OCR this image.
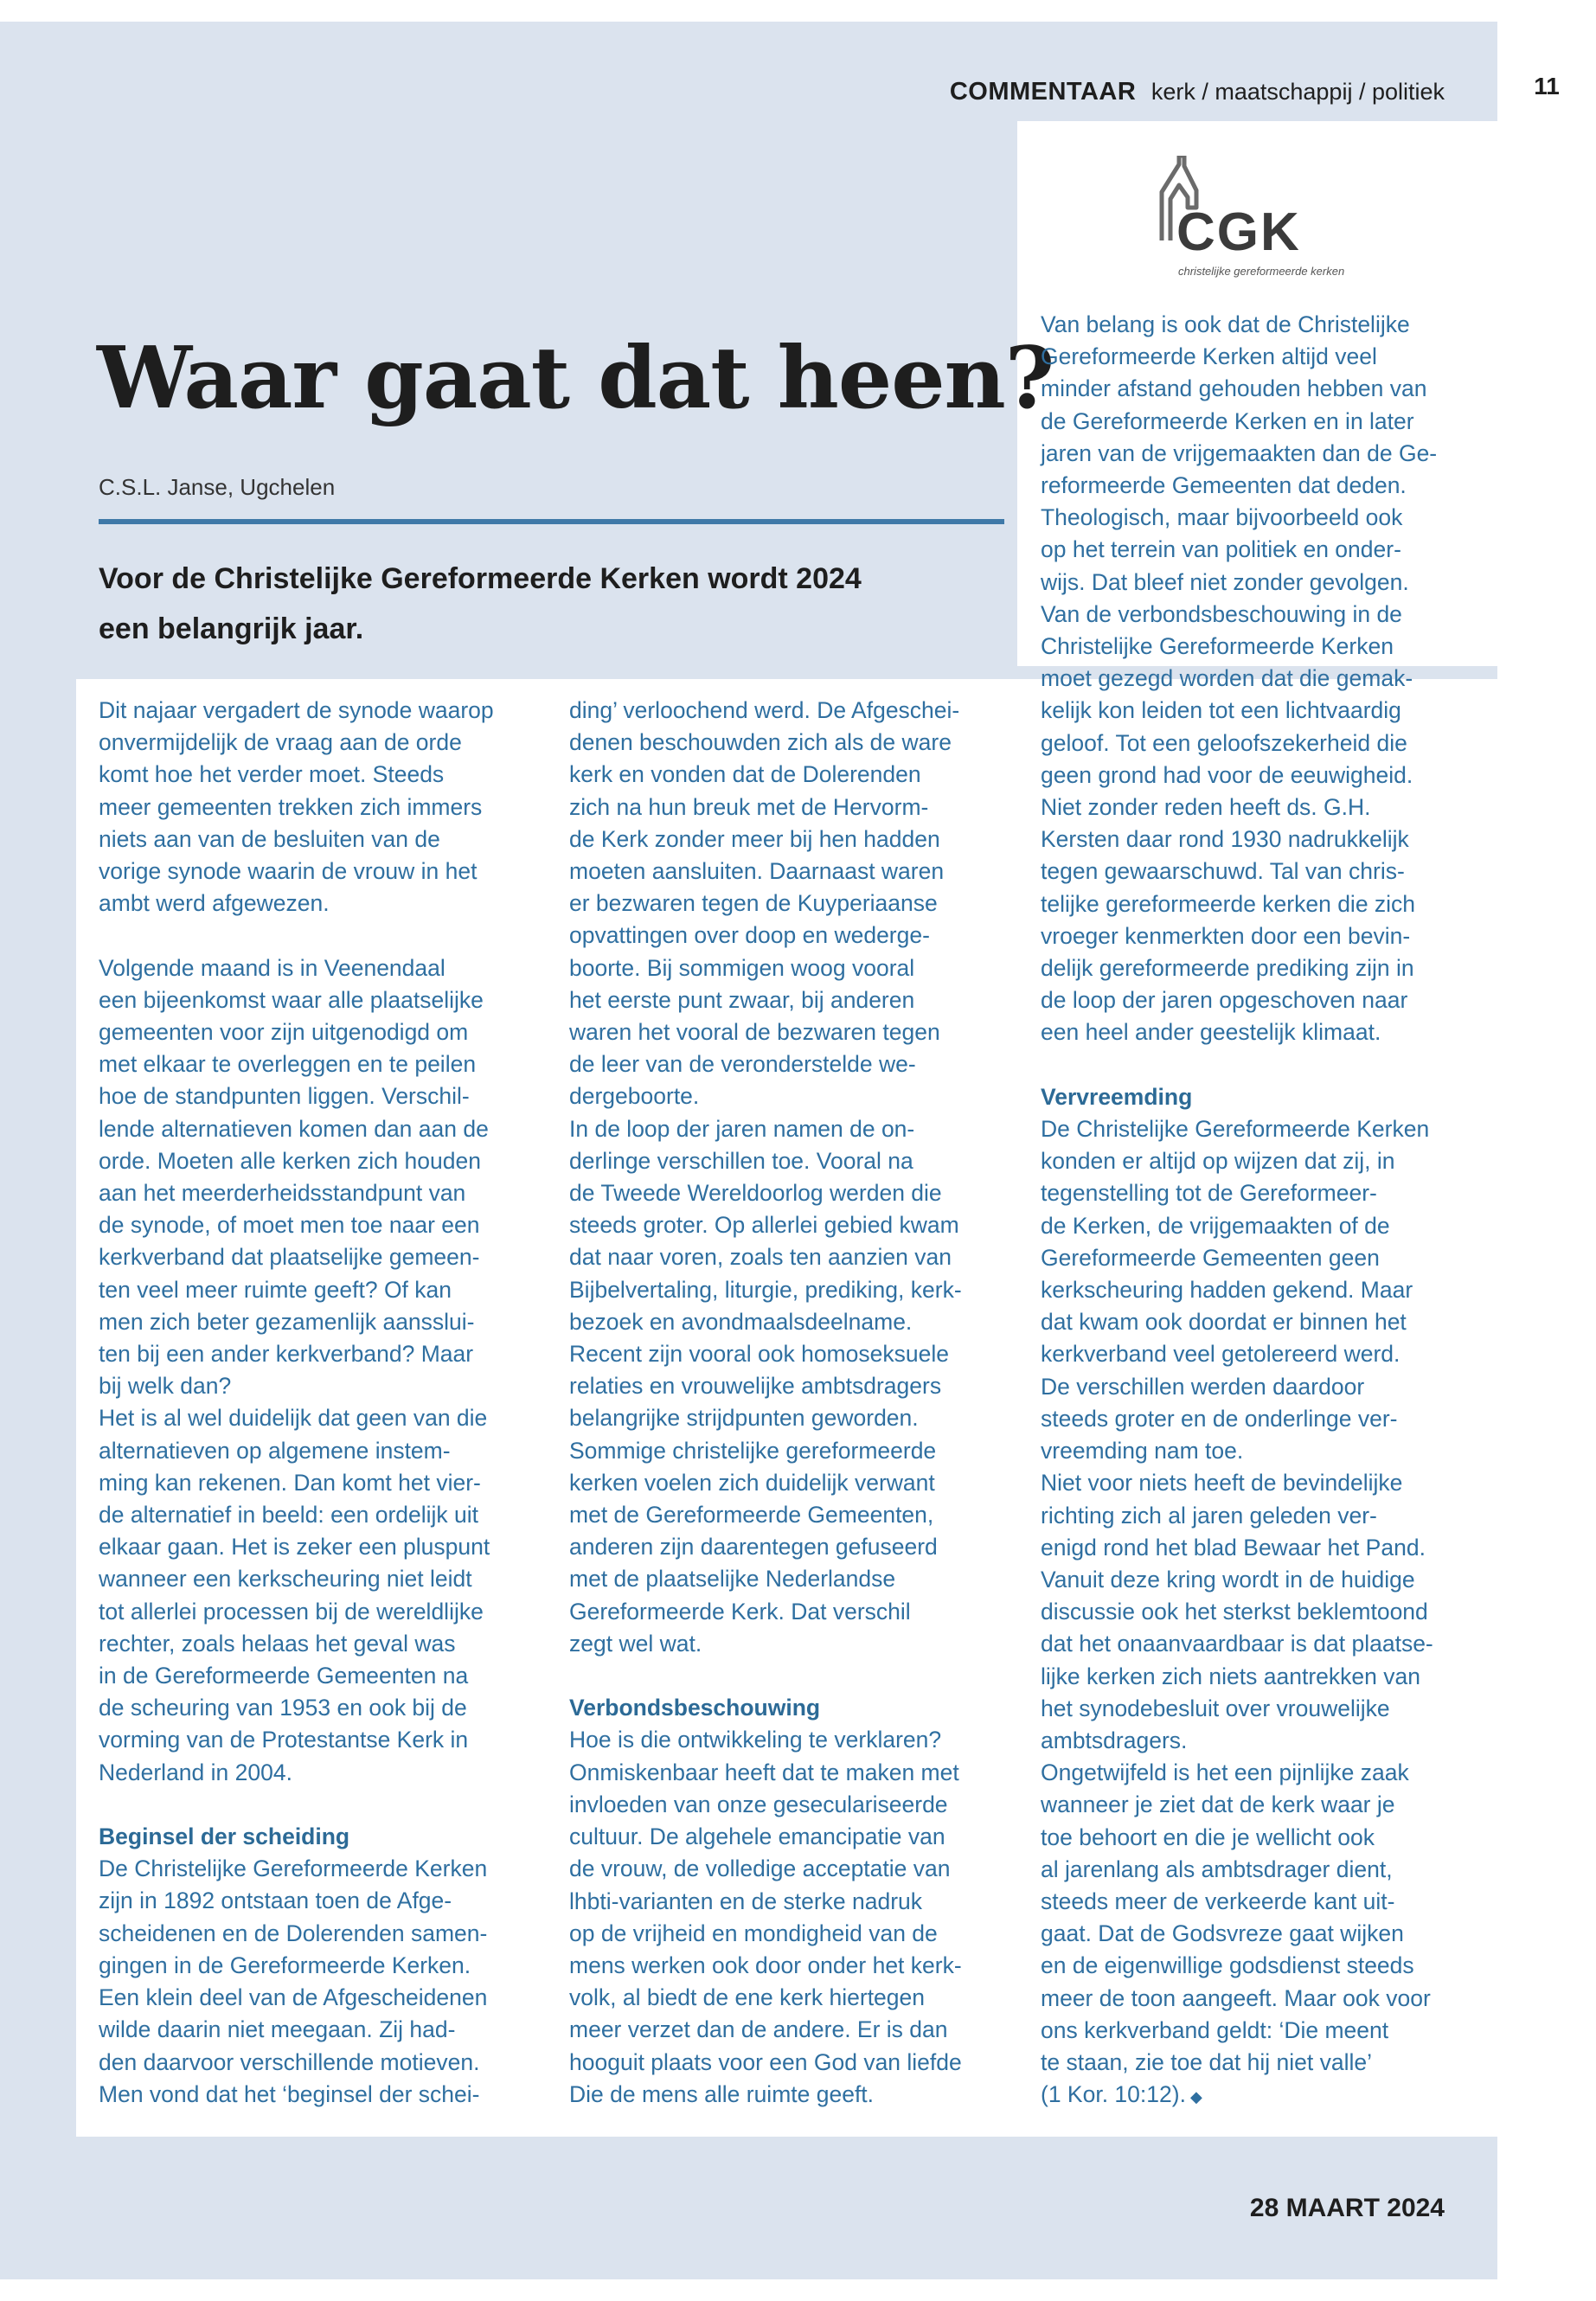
11
COMMENTAAR kerk / maatschappij / politiek
CGK
christelijke gereformeerde kerken
Waar gaat dat heen?
C.S.L. Janse, Ugchelen
Voor de Christelijke Gereformeerde Kerken wordt 2024
een belangrijk jaar.

Dit najaar vergadert de synode waarop

onvermijdelijk de vraag aan de orde

komt hoe het verder moet. Steeds

meer gemeenten trekken zich immers

niets aan van de besluiten van de

vorige synode waarin de vrouw in het

ambt werd afgewezen.

Volgende maand is in Veenendaal

een bijeenkomst waar alle plaatselijke

gemeenten voor zijn uitgenodigd om

met elkaar te overleggen en te peilen

hoe de standpunten liggen. Verschil-

lende alternatieven komen dan aan de

orde. Moeten alle kerken zich houden

aan het meerderheidsstandpunt van

de synode, of moet men toe naar een

kerkverband dat plaatselijke gemeen-

ten veel meer ruimte geeft? Of kan

men zich beter gezamenlijk aansslui-

ten bij een ander kerkverband? Maar

bij welk dan?

Het is al wel duidelijk dat geen van die

alternatieven op algemene instem-

ming kan rekenen. Dan komt het vier-

de alternatief in beeld: een ordelijk uit

elkaar gaan. Het is zeker een pluspunt

wanneer een kerkscheuring niet leidt

tot allerlei processen bij de wereldlijke

rechter, zoals helaas het geval was

in de Gereformeerde Gemeenten na

de scheuring van 1953 en ook bij de

vorming van de Protestantse Kerk in

Nederland in 2004.

Beginsel der scheiding

De Christelijke Gereformeerde Kerken

zijn in 1892 ontstaan toen de Afge-

scheidenen en de Dolerenden samen-

gingen in de Gereformeerde Kerken.

Een klein deel van de Afgescheidenen

wilde daarin niet meegaan. Zij had-

den daarvoor verschillende motieven.

Men vond dat het ‘beginsel der schei-

ding’ verloochend werd. De Afgeschei-

denen beschouwden zich als de ware

kerk en vonden dat de Dolerenden

zich na hun breuk met de Hervorm-

de Kerk zonder meer bij hen hadden

moeten aansluiten. Daarnaast waren

er bezwaren tegen de Kuyperiaanse

opvattingen over doop en wederge-

boorte. Bij sommigen woog vooral

het eerste punt zwaar, bij anderen

waren het vooral de bezwaren tegen

de leer van de veronderstelde we-

dergeboorte.

In de loop der jaren namen de on-

derlinge verschillen toe. Vooral na

de Tweede Wereldoorlog werden die

steeds groter. Op allerlei gebied kwam

dat naar voren, zoals ten aanzien van

Bijbelvertaling, liturgie, prediking, kerk-

bezoek en avondmaalsdeelname.

Recent zijn vooral ook homoseksuele

relaties en vrouwelijke ambtsdragers

belangrijke strijdpunten geworden.

Sommige christelijke gereformeerde

kerken voelen zich duidelijk verwant

met de Gereformeerde Gemeenten,

anderen zijn daarentegen gefuseerd

met de plaatselijke Nederlandse

Gereformeerde Kerk. Dat verschil

zegt wel wat.

Verbondsbeschouwing

Hoe is die ontwikkeling te verklaren?

Onmiskenbaar heeft dat te maken met

invloeden van onze geseculariseerde

cultuur. De algehele emancipatie van

de vrouw, de volledige acceptatie van

lhbti-varianten en de sterke nadruk

op de vrijheid en mondigheid van de

mens werken ook door onder het kerk-

volk, al biedt de ene kerk hiertegen

meer verzet dan de andere. Er is dan

hooguit plaats voor een God van liefde

Die de mens alle ruimte geeft.

Van belang is ook dat de Christelijke

Gereformeerde Kerken altijd veel

minder afstand gehouden hebben van

de Gereformeerde Kerken en in later

jaren van de vrijgemaakten dan de Ge-

reformeerde Gemeenten dat deden.

Theologisch, maar bijvoorbeeld ook

op het terrein van politiek en onder-

wijs. Dat bleef niet zonder gevolgen.

Van de verbondsbeschouwing in de

Christelijke Gereformeerde Kerken

moet gezegd worden dat die gemak-

kelijk kon leiden tot een lichtvaardig

geloof. Tot een geloofszekerheid die

geen grond had voor de eeuwigheid.

Niet zonder reden heeft ds. G.H.

Kersten daar rond 1930 nadrukkelijk

tegen gewaarschuwd. Tal van chris-

telijke gereformeerde kerken die zich

vroeger kenmerkten door een bevin-

delijk gereformeerde prediking zijn in

de loop der jaren opgeschoven naar

een heel ander geestelijk klimaat.

Vervreemding

De Christelijke Gereformeerde Kerken

konden er altijd op wijzen dat zij, in

tegenstelling tot de Gereformeer-

de Kerken, de vrijgemaakten of de

Gereformeerde Gemeenten geen

kerkscheuring hadden gekend. Maar

dat kwam ook doordat er binnen het

kerkverband veel getolereerd werd.

De verschillen werden daardoor

steeds groter en de onderlinge ver-

vreemding nam toe.

Niet voor niets heeft de bevindelijke

richting zich al jaren geleden ver-

enigd rond het blad Bewaar het Pand.

Vanuit deze kring wordt in de huidige

discussie ook het sterkst beklemtoond

dat het onaanvaardbaar is dat plaatse-

lijke kerken zich niets aantrekken van

het synodebesluit over vrouwelijke

ambtsdragers.

Ongetwijfeld is het een pijnlijke zaak

wanneer je ziet dat de kerk waar je

toe behoort en die je wellicht ook

al jarenlang als ambtsdrager dient,

steeds meer de verkeerde kant uit-

gaat. Dat de Godsvreze gaat wijken

en de eigenwillige godsdienst steeds

meer de toon aangeeft. Maar ook voor

ons kerkverband geldt: ‘Die meent

te staan, zie toe dat hij niet valle’

(1 Kor. 10:12). ◆

28 MAART 2024
